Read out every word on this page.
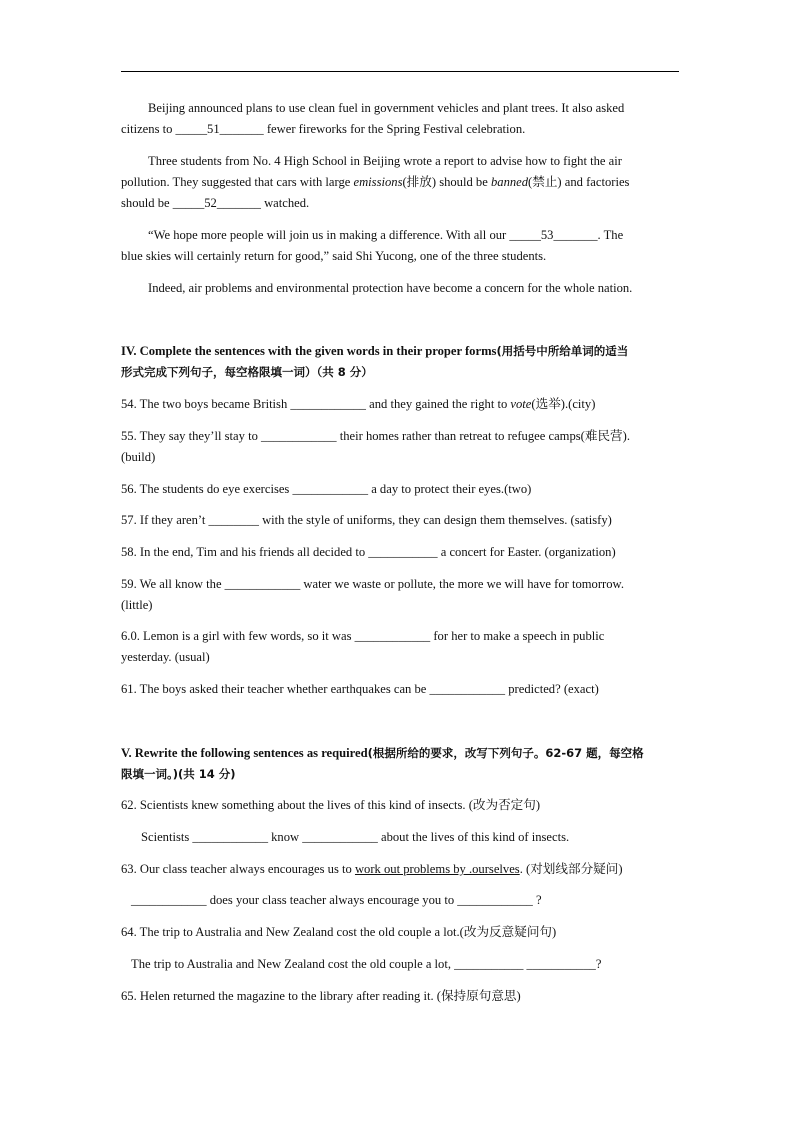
Beijing announced plans to use clean fuel in government vehicles and plant trees. It also asked
citizens to _____51_______ fewer fireworks for the Spring Festival celebration.
Three students from No. 4 High School in Beijing wrote a report to advise how to fight the air
pollution. They suggested that cars with large emissions(排放) should be banned(禁止) and factories
should be _____52_______ watched.
“We hope more people will join us in making a difference. With all our _____53_______. The
blue skies will certainly return for good,” said Shi Yucong, one of the three students.
Indeed, air problems and environmental protection have become a concern for the whole nation.
IV. Complete the sentences with the given words in their proper forms(用括号中所给单词的适当
形式完成下列句子，每空格限填一词）（共 8 分）
54. The two boys became British ____________ and they gained the right to vote(选举).(city)
55. They say they’ll stay to ____________ their homes rather than retreat to refugee camps(难民营).
(build)
56. The students do eye exercises ____________ a day to protect their eyes.(two)
57. If they aren’t ________ with the style of uniforms, they can design them themselves. (satisfy)
58. In the end, Tim and his friends all decided to ___________ a concert for Easter. (organization)
59. We all know the ____________ water we waste or pollute, the more we will have for tomorrow.
(little)
6.0. Lemon is a girl with few words, so it was ____________ for her to make a speech in public
yesterday. (usual)
61. The boys asked their teacher whether earthquakes can be ____________ predicted? (exact)
V. Rewrite the following sentences as required(根据所给的要求，改写下列句子。62-67 题，每空格
限填一词。)(共 14 分)
62. Scientists knew something about the lives of this kind of insects. (改为否定句)
Scientists ____________ know ____________ about the lives of this kind of insects.
63. Our class teacher always encourages us to work out problems by .ourselves. (对划线部分疑问)
____________ does your class teacher always encourage you to ____________ ?
64. The trip to Australia and New Zealand cost the old couple a lot.(改为反意疑问句)
The trip to Australia and New Zealand cost the old couple a lot, ___________ ___________?
65. Helen returned the magazine to the library after reading it. (保持原句意思)
